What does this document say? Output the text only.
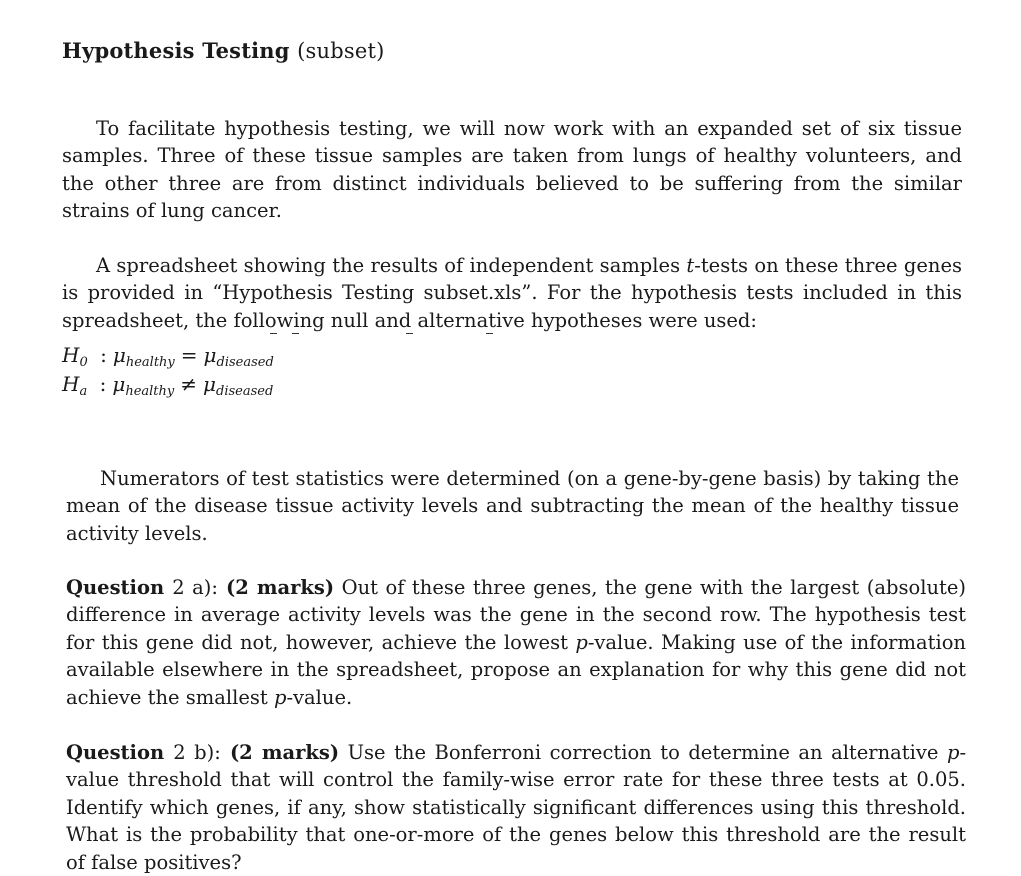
Hypothesis Testing (subset)

To facilitate hypothesis testing, we will now work with an expanded set of six tissue samples. Three of these tissue samples are taken from lungs of healthy volunteers, and the other three are from distinct individuals believed to be suffering from the similar strains of lung cancer.

A spreadsheet showing the results of independent samples t-tests on these three genes is provided in “Hypothesis Testing subset.xls”. For the hypothesis tests included in this spreadsheet, the following null and alternative hypotheses were used:

$H_0$ : $\mu_{healthy} = \mu_{diseased}$
$H_a$ : $\mu_{healthy} \ne \mu_{diseased}$

Numerators of test statistics were determined (on a gene-by-gene basis) by taking the mean of the disease tissue activity levels and subtracting the mean of the healthy tissue activity levels.

Question 2 a): (2 marks) Out of these three genes, the gene with the largest (absolute) difference in average activity levels was the gene in the second row. The hypothesis test for this gene did not, however, achieve the lowest p-value. Making use of the information available elsewhere in the spreadsheet, propose an explanation for why this gene did not achieve the smallest p-value.

Question 2 b): (2 marks) Use the Bonferroni correction to determine an alternative p-value threshold that will control the family-wise error rate for these three tests at 0.05. Identify which genes, if any, show statistically significant differences using this threshold. What is the probability that one-or-more of the genes below this threshold are the result of false positives?
